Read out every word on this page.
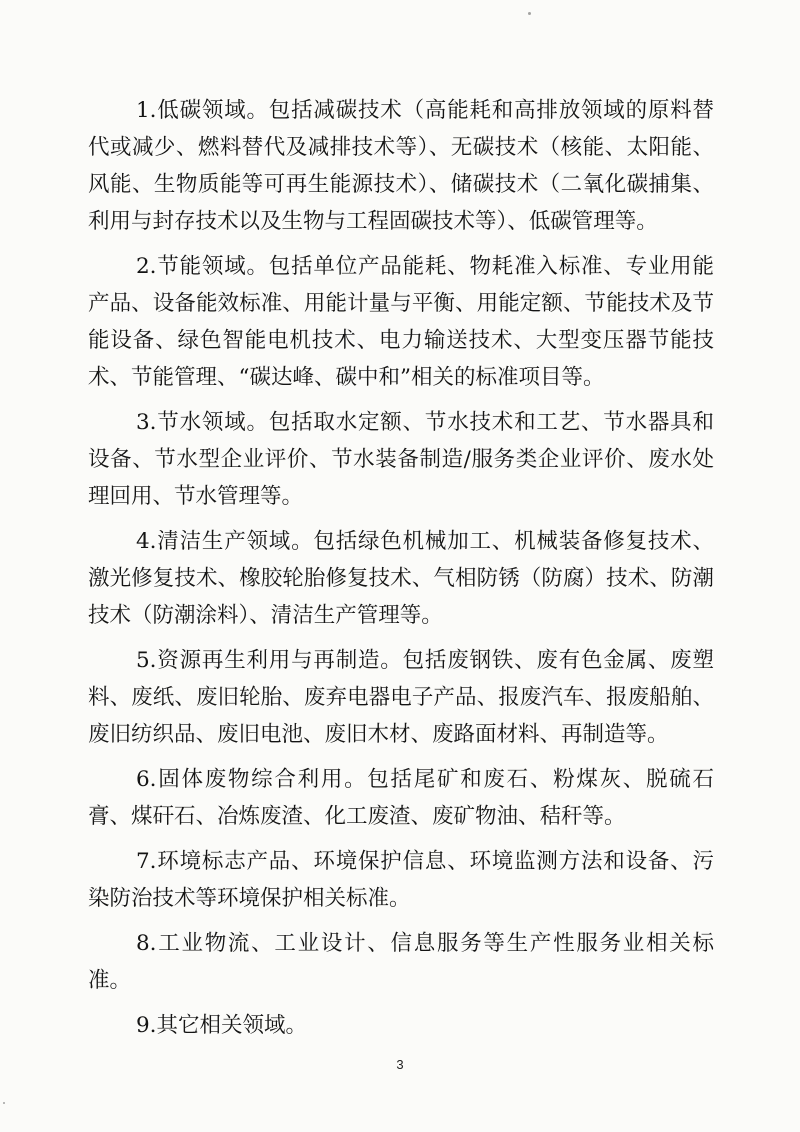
1.低碳领域。包括减碳技术（高能耗和高排放领域的原料替代或减少、燃料替代及减排技术等）、无碳技术（核能、太阳能、风能、生物质能等可再生能源技术）、储碳技术（二氧化碳捕集、利用与封存技术以及生物与工程固碳技术等）、低碳管理等。

2.节能领域。包括单位产品能耗、物耗准入标准、专业用能产品、设备能效标准、用能计量与平衡、用能定额、节能技术及节能设备、绿色智能电机技术、电力输送技术、大型变压器节能技术、节能管理、“碳达峰、碳中和”相关的标准项目等。

3.节水领域。包括取水定额、节水技术和工艺、节水器具和设备、节水型企业评价、节水装备制造/服务类企业评价、废水处理回用、节水管理等。

4.清洁生产领域。包括绿色机械加工、机械装备修复技术、激光修复技术、橡胶轮胎修复技术、气相防锈（防腐）技术、防潮技术（防潮涂料）、清洁生产管理等。

5.资源再生利用与再制造。包括废钢铁、废有色金属、废塑料、废纸、废旧轮胎、废弃电器电子产品、报废汽车、报废船舶、废旧纺织品、废旧电池、废旧木材、废路面材料、再制造等。

6.固体废物综合利用。包括尾矿和废石、粉煤灰、脱硫石膏、煤矸石、冶炼废渣、化工废渣、废矿物油、秸秆等。

7.环境标志产品、环境保护信息、环境监测方法和设备、污染防治技术等环境保护相关标准。

8.工业物流、工业设计、信息服务等生产性服务业相关标准。

9.其它相关领域。

3
